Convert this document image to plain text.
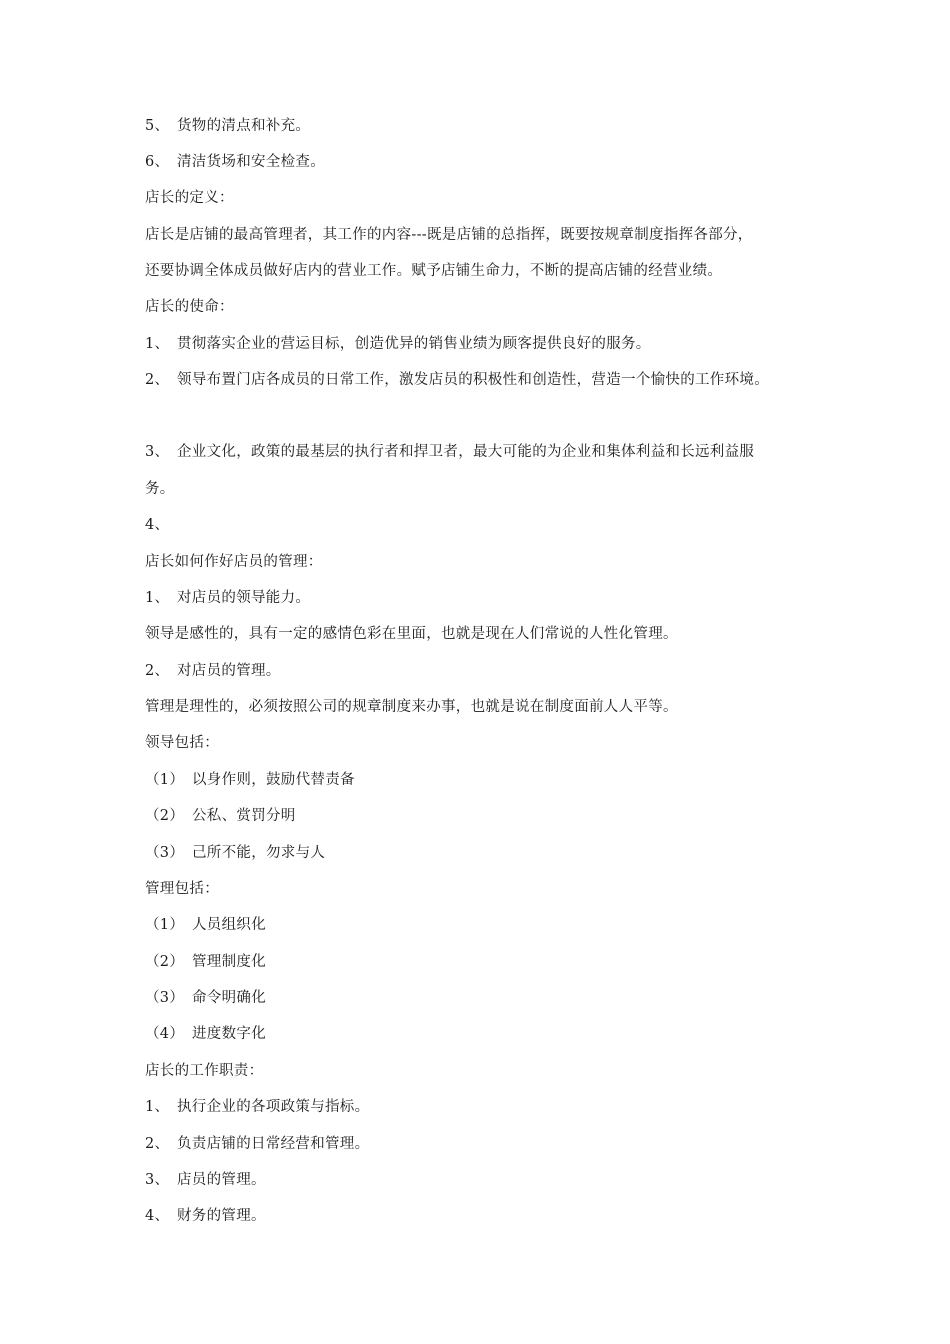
5、 货物的清点和补充。
6、 清洁货场和安全检查。
店长的定义：
店长是店铺的最高管理者，其工作的内容---既是店铺的总指挥，既要按规章制度指挥各部分，
还要协调全体成员做好店内的营业工作。赋予店铺生命力，不断的提高店铺的经营业绩。
店长的使命：
1、 贯彻落实企业的营运目标，创造优异的销售业绩为顾客提供良好的服务。
2、 领导布置门店各成员的日常工作，激发店员的积极性和创造性，营造一个愉快的工作环境。
3、 企业文化，政策的最基层的执行者和捍卫者，最大可能的为企业和集体利益和长远利益服
务。
4、
店长如何作好店员的管理：
1、 对店员的领导能力。
领导是感性的，具有一定的感情色彩在里面，也就是现在人们常说的人性化管理。
2、 对店员的管理。
管理是理性的，必须按照公司的规章制度来办事，也就是说在制度面前人人平等。
领导包括：
（1） 以身作则，鼓励代替责备
（2） 公私、赏罚分明
（3） 己所不能，勿求与人
管理包括：
（1） 人员组织化
（2） 管理制度化
（3） 命令明确化
（4） 进度数字化
店长的工作职责：
1、 执行企业的各项政策与指标。
2、 负责店铺的日常经营和管理。
3、 店员的管理。
4、 财务的管理。
